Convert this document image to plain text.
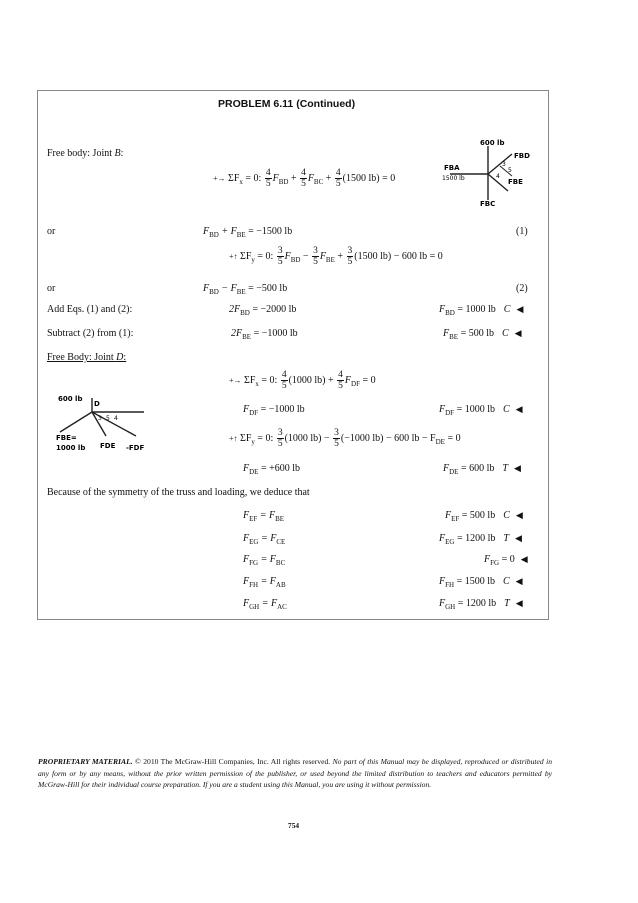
PROBLEM 6.11 (Continued)
Free body: Joint B:
600 lb
FBD
FBA
FBE
FBC
1500 lb
3
5
4
+→ $\Sigma F_x = 0$: $\frac{4}{5} F_{BD} + \frac{4}{5} F_{BC} + \frac{4}{5} (1500$ lb) = 0
or	$F_{BD} + F_{BE} = -1500$ lb	(1)
+↑ $\Sigma F_y = 0$: $\frac{3}{5} F_{BD} - \frac{3}{5} F_{BE} + \frac{3}{5} (1500$ lb) − 600 lb = 0
or	$F_{BD} - F_{BE} = -500$ lb	(2)
Add Eqs. (1) and (2):	$2F_{BD} = -2000$ lb	$F_{BD} = 1000$ lb C ◀
Subtract (2) from (1):	$2F_{BE} = -1000$ lb	$F_{BE} = 500$ lb C ◀
Free Body: Joint D:
600 lb
D
3 5 4
FBE=
1000 lb FDE -FDF
+→ $\Sigma F_x = 0$: $\frac{4}{5} (1000$ $lb) + \frac{4}{5} F_{DF} = 0$
$F_{DF} = -1000$ lb	$F_{DF} = 1000$ lb C ◀
+↑ $\Sigma F_y = 0$: $\frac{3}{5} (1000$ $lb) - \frac{3}{5} (-1000$ lb) − 600 lb − $F_{DE} = 0$
$F_{DE} = +600$ lb	$F_{DE} = 600$ lb T ◀
Because of the symmetry of the truss and loading, we deduce that
$F_{EF} = F_{BE}$	$F_{EF} = 500$ lb C ◀
$F_{EG} = F_{CE}$	$F_{EG} = 1200$ lb T ◀
$F_{FG} = F_{BC}$	$F_{FG} = 0$ ◀
$F_{FH} = F_{AB}$	$F_{FH} = 1500$ lb C ◀
$F_{GH} = F_{AC}$	$F_{GH} = 1200$ lb T ◀
PROPRIETARY MATERIAL. © 2010 The McGraw-Hill Companies, Inc. All rights reserved. No part of this Manual may be displayed, reproduced or distributed in any form or by any means, without the prior written permission of the publisher, or used beyond the limited distribution to teachers and educators permitted by McGraw-Hill for their individual course preparation. If you are a student using this Manual, you are using it without permission.
754
